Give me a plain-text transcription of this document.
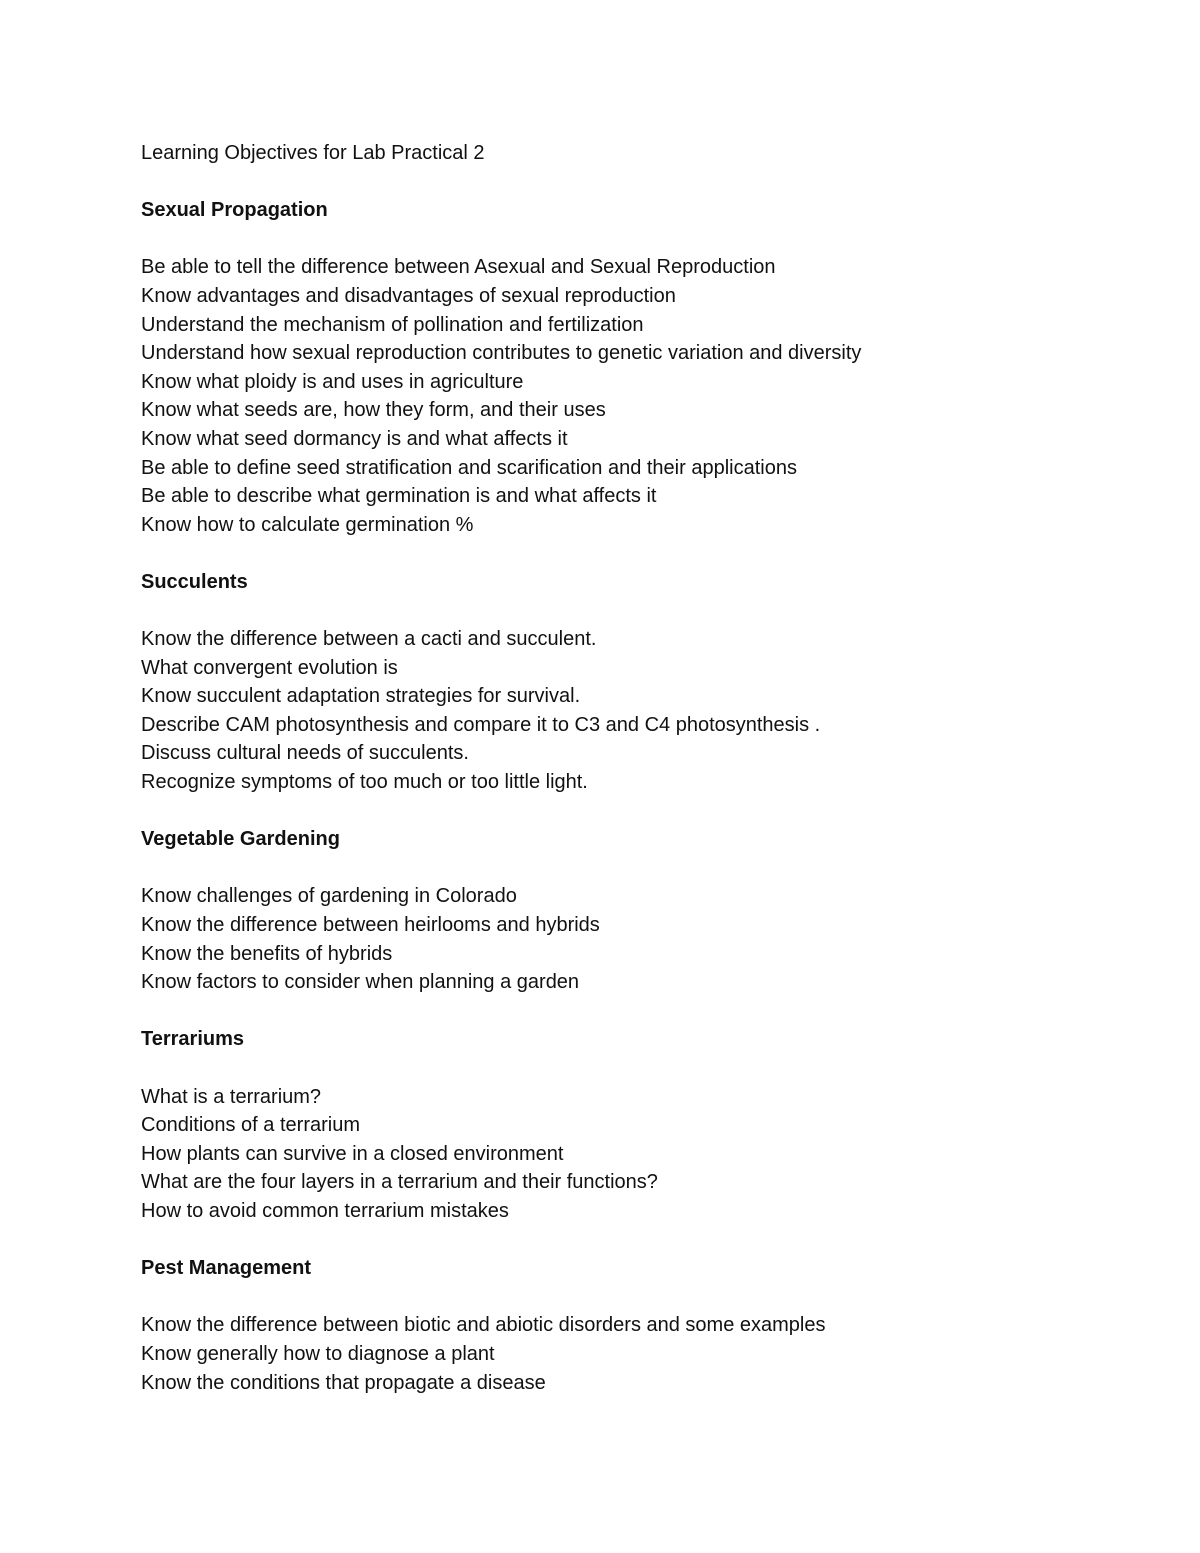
Learning Objectives for Lab Practical 2
Sexual Propagation
Be able to tell the difference between Asexual and Sexual Reproduction
Know advantages and disadvantages of sexual reproduction
Understand the mechanism of pollination and fertilization
Understand how sexual reproduction contributes to genetic variation and diversity
Know what ploidy is and uses in agriculture
Know what seeds are, how they form, and their uses
Know what seed dormancy is and what affects it
Be able to define seed stratification and scarification and their applications
Be able to describe what germination is and what affects it
Know how to calculate germination %
Succulents
Know the difference between a cacti and succulent.
What convergent evolution is
Know succulent adaptation strategies for survival.
Describe CAM photosynthesis and compare it to C3 and C4 photosynthesis .
Discuss cultural needs of succulents.
Recognize symptoms of too much or too little light.
Vegetable Gardening
Know challenges of gardening in Colorado
Know the difference between heirlooms and hybrids
Know the benefits of hybrids
Know factors to consider when planning a garden
Terrariums
What is a terrarium?
Conditions of a terrarium
How plants can survive in a closed environment
What are the four layers in a terrarium and their functions?
How to avoid common terrarium mistakes
Pest Management
Know the difference between biotic and abiotic disorders and some examples
Know generally how to diagnose a plant
Know the conditions that propagate a disease
